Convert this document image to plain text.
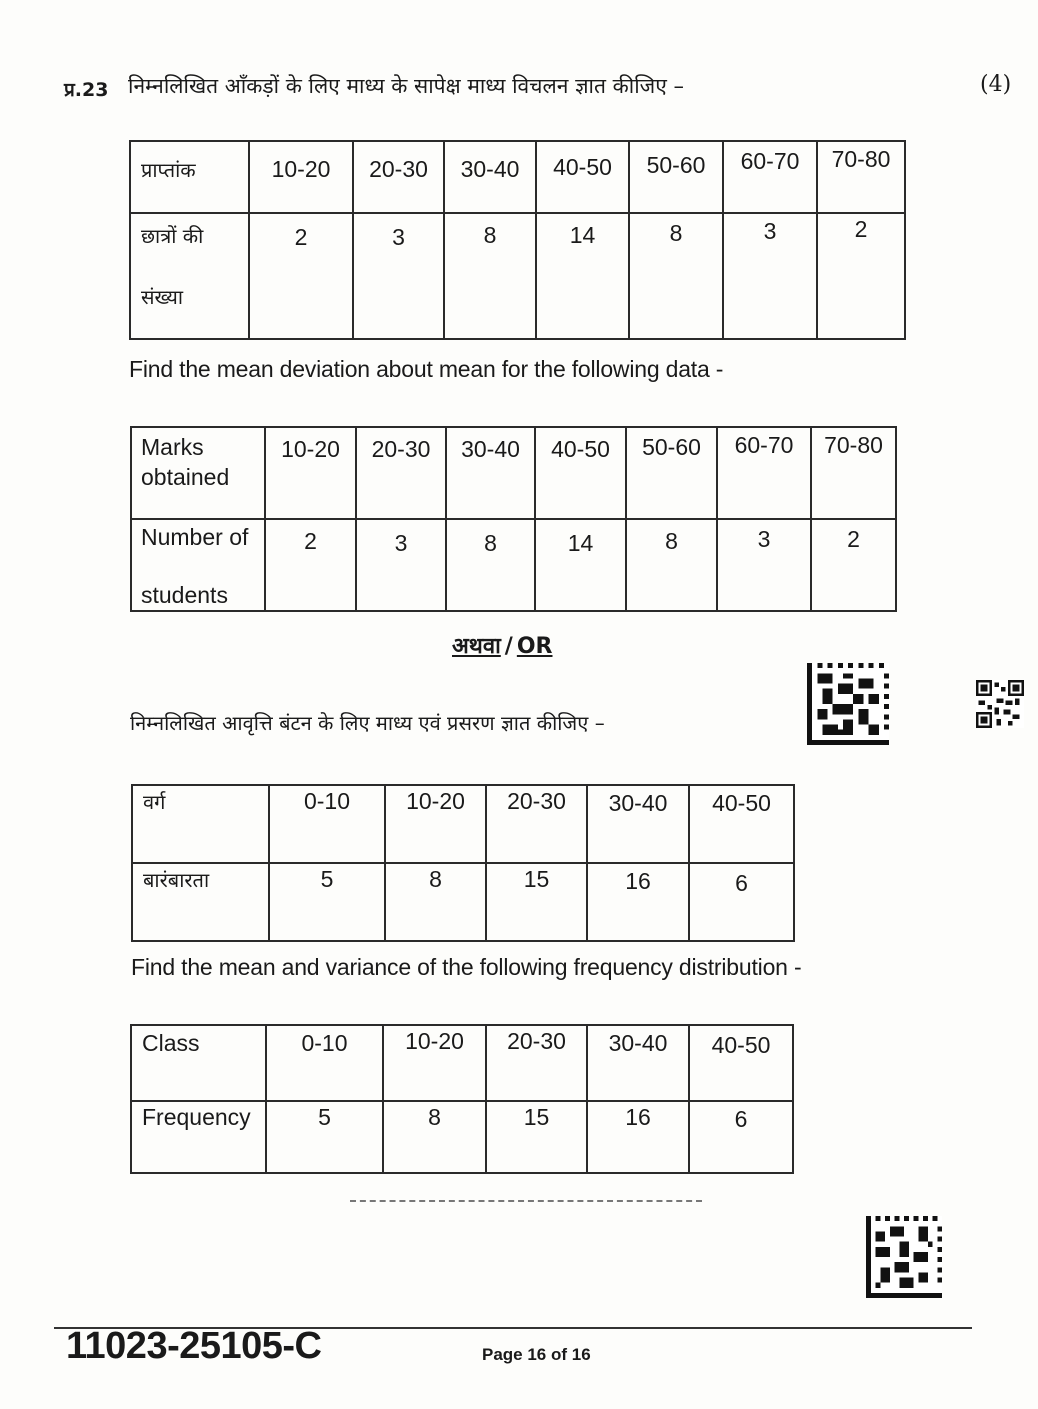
प्र.23 निम्नलिखित आँकड़ों के लिए माध्य के सापेक्ष माध्य विचलन ज्ञात कीजिए –	(4)
प्राप्तांक	10-20	20-30	30-40	40-50	50-60	60-70	70-80

छात्रों की
संख्या	2	3	8	14	8	3	2
Find the mean deviation about mean for the following data -
Marks
obtained	10-20	20-30	30-40	40-50	50-60	60-70	70-80

Number of
students	2	3	8	14	8	3	2
अथवा / OR
निम्नलिखित आवृत्ति बंटन के लिए माध्य एवं प्रसरण ज्ञात कीजिए –
वर्ग	0-10	10-20	20-30	30-40	40-50
बारंबारता	5	8	15	16	6
Find the mean and variance of the following frequency distribution -
Class	0-10	10-20	20-30	30-40	40-50
Frequency	5	8	15	16	6
11023-25105-C	Page 16 of 16
